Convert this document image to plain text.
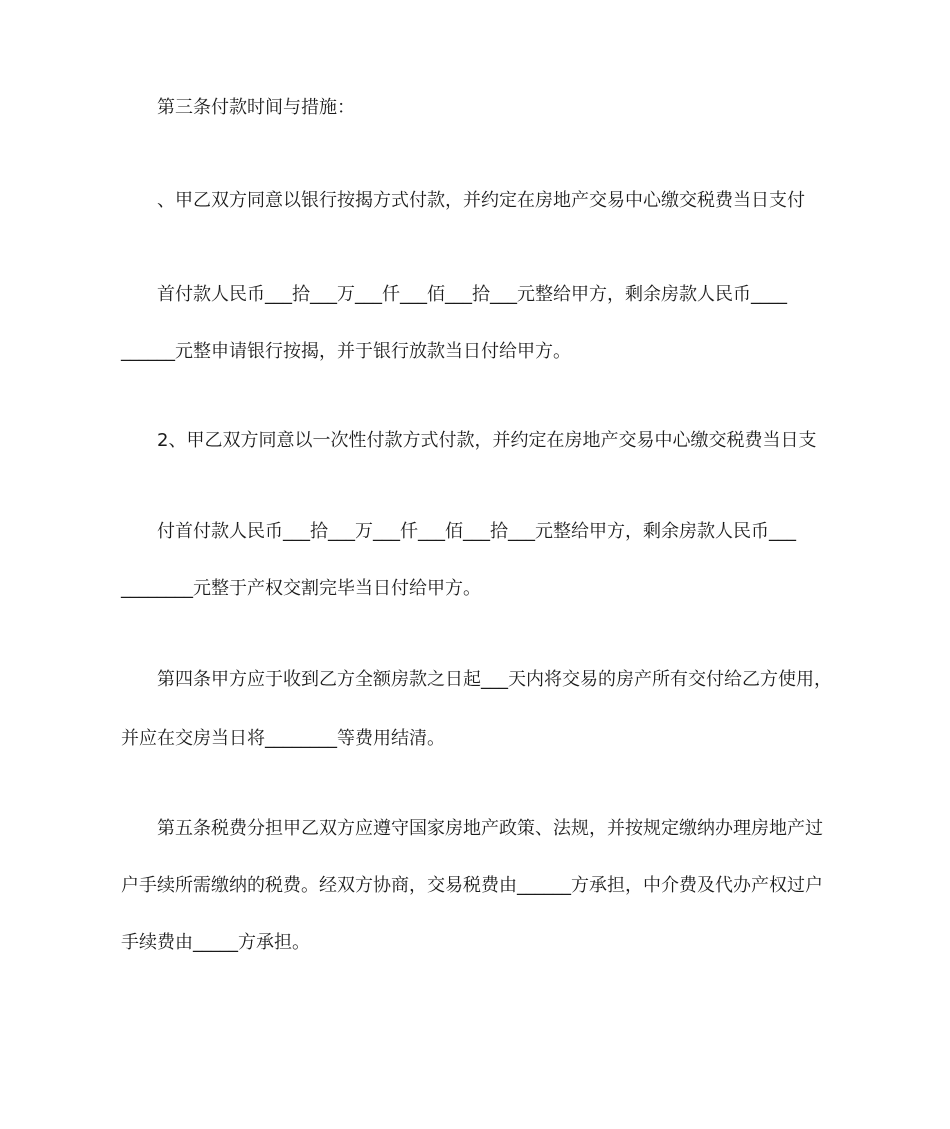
第三条付款时间与措施：
、甲乙双方同意以银行按揭方式付款，并约定在房地产交易中心缴交税费当日支付
首付款人民币___拾___万___仟___佰___拾___元整给甲方，剩余房款人民币____
______元整申请银行按揭，并于银行放款当日付给甲方。
2、甲乙双方同意以一次性付款方式付款，并约定在房地产交易中心缴交税费当日支
付首付款人民币___拾___万___仟___佰___拾___元整给甲方，剩余房款人民币___
________元整于产权交割完毕当日付给甲方。
第四条甲方应于收到乙方全额房款之日起___天内将交易的房产所有交付给乙方使用，
并应在交房当日将________等费用结清。
第五条税费分担甲乙双方应遵守国家房地产政策、法规，并按规定缴纳办理房地产过
户手续所需缴纳的税费。经双方协商，交易税费由______方承担，中介费及代办产权过户
手续费由_____方承担。
